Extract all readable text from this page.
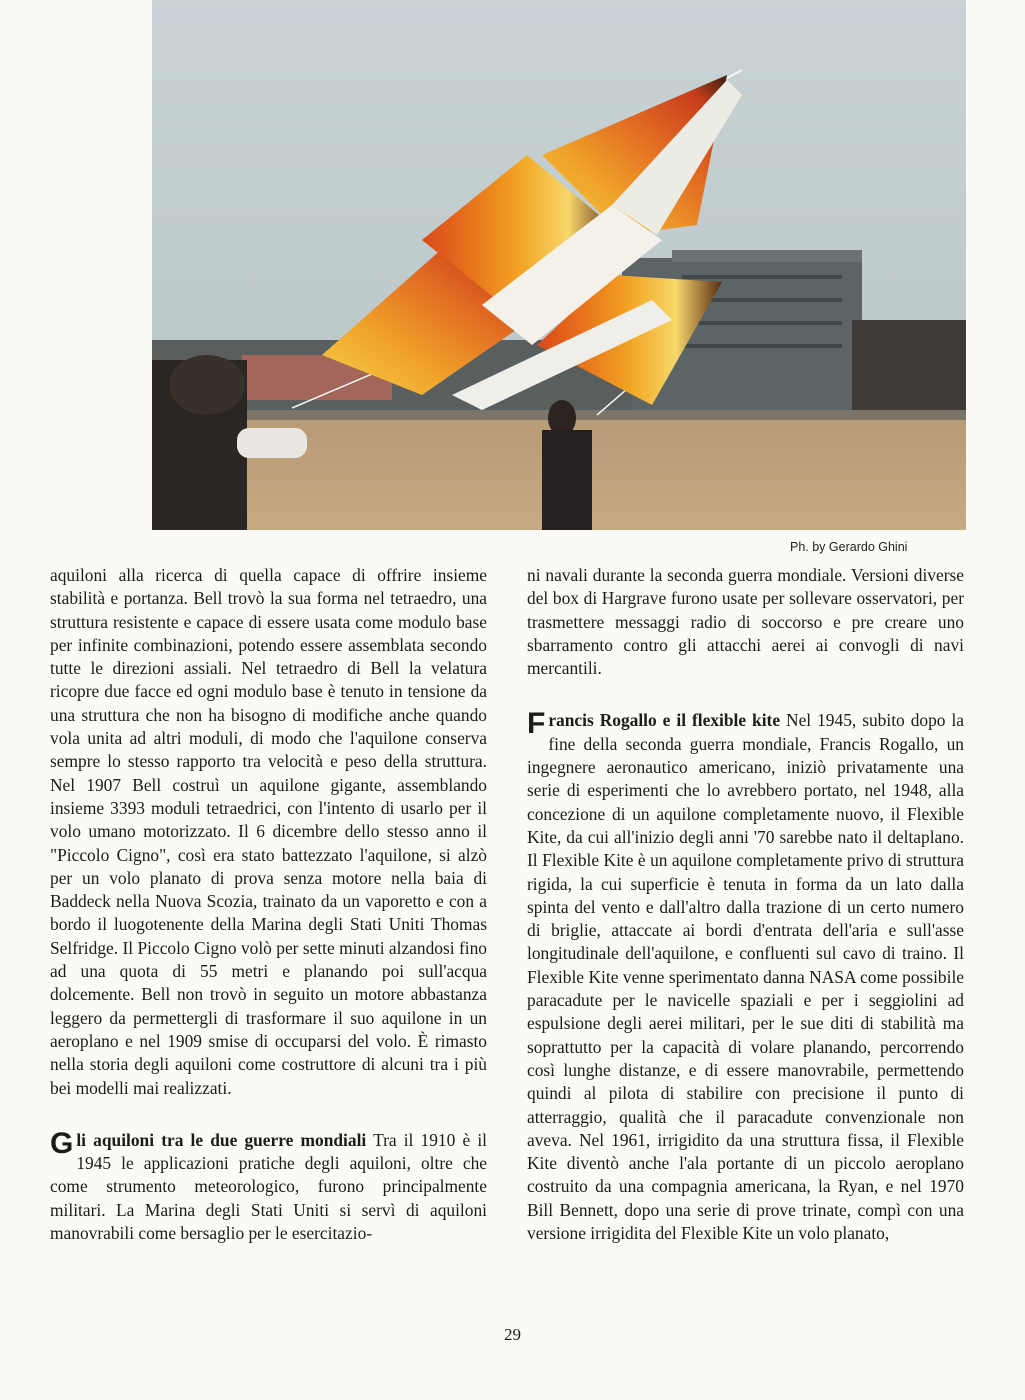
Ph. by Gerardo Ghini

aquiloni alla ricerca di quella capace di offrire insieme stabilità e portanza. Bell trovò la sua forma nel tetraedro, una struttura resistente e capace di essere usata come modulo base per infinite combinazioni, potendo essere assemblata secondo tutte le direzioni assiali. Nel tetraedro di Bell la velatura ricopre due facce ed ogni modulo base è tenuto in tensione da una struttura che non ha bisogno di modifiche anche quando vola unita ad altri moduli, di modo che l'aquilone conserva sempre lo stesso rapporto tra velocità e peso della struttura. Nel 1907 Bell costruì un aquilone gigante, assemblando insieme 3393 moduli tetraedrici, con l'intento di usarlo per il volo umano motorizzato. Il 6 dicembre dello stesso anno il "Piccolo Cigno", così era stato battezzato l'aquilone, si alzò per un volo planato di prova senza motore nella baia di Baddeck nella Nuova Scozia, trainato da un vaporetto e con a bordo il luogotenente della Marina degli Stati Uniti Thomas Selfridge. Il Piccolo Cigno volò per sette minuti alzandosi fino ad una quota di 55 metri e planando poi sull'acqua dolcemente. Bell non trovò in seguito un motore abbastanza leggero da permettergli di trasformare il suo aquilone in un aeroplano e nel 1909 smise di occuparsi del volo. È rimasto nella storia degli aquiloni come costruttore di alcuni tra i più bei modelli mai realizzati.

Gli aquiloni tra le due guerre mondiali Tra il 1910 è il 1945 le applicazioni pratiche degli aquiloni, oltre che come strumento meteorologico, furono principalmente militari. La Marina degli Stati Uniti si servì di aquiloni manovrabili come bersaglio per le esercitazio-

ni navali durante la seconda guerra mondiale. Versioni diverse del box di Hargrave furono usate per sollevare osservatori, per trasmettere messaggi radio di soccorso e pre creare uno sbarramento contro gli attacchi aerei ai convogli di navi mercantili.

Francis Rogallo e il flexible kite Nel 1945, subito dopo la fine della seconda guerra mondiale, Francis Rogallo, un ingegnere aeronautico americano, iniziò privatamente una serie di esperimenti che lo avrebbero portato, nel 1948, alla concezione di un aquilone completamente nuovo, il Flexible Kite, da cui all'inizio degli anni '70 sarebbe nato il deltaplano. Il Flexible Kite è un aquilone completamente privo di struttura rigida, la cui superficie è tenuta in forma da un lato dalla spinta del vento e dall'altro dalla trazione di un certo numero di briglie, attaccate ai bordi d'entrata dell'aria e sull'asse longitudinale dell'aquilone, e confluenti sul cavo di traino. Il Flexible Kite venne sperimentato danna NASA come possibile paracadute per le navicelle spaziali e per i seggiolini ad espulsione degli aerei militari, per le sue diti di stabilità ma soprattutto per la capacità di volare planando, percorrendo così lunghe distanze, e di essere manovrabile, permettendo quindi al pilota di stabilire con precisione il punto di atterraggio, qualità che il paracadute convenzionale non aveva. Nel 1961, irrigidito da una struttura fissa, il Flexible Kite diventò anche l'ala portante di un piccolo aeroplano costruito da una compagnia americana, la Ryan, e nel 1970 Bill Bennett, dopo una serie di prove trinate, compì con una versione irrigidita del Flexible Kite un volo planato,

29
